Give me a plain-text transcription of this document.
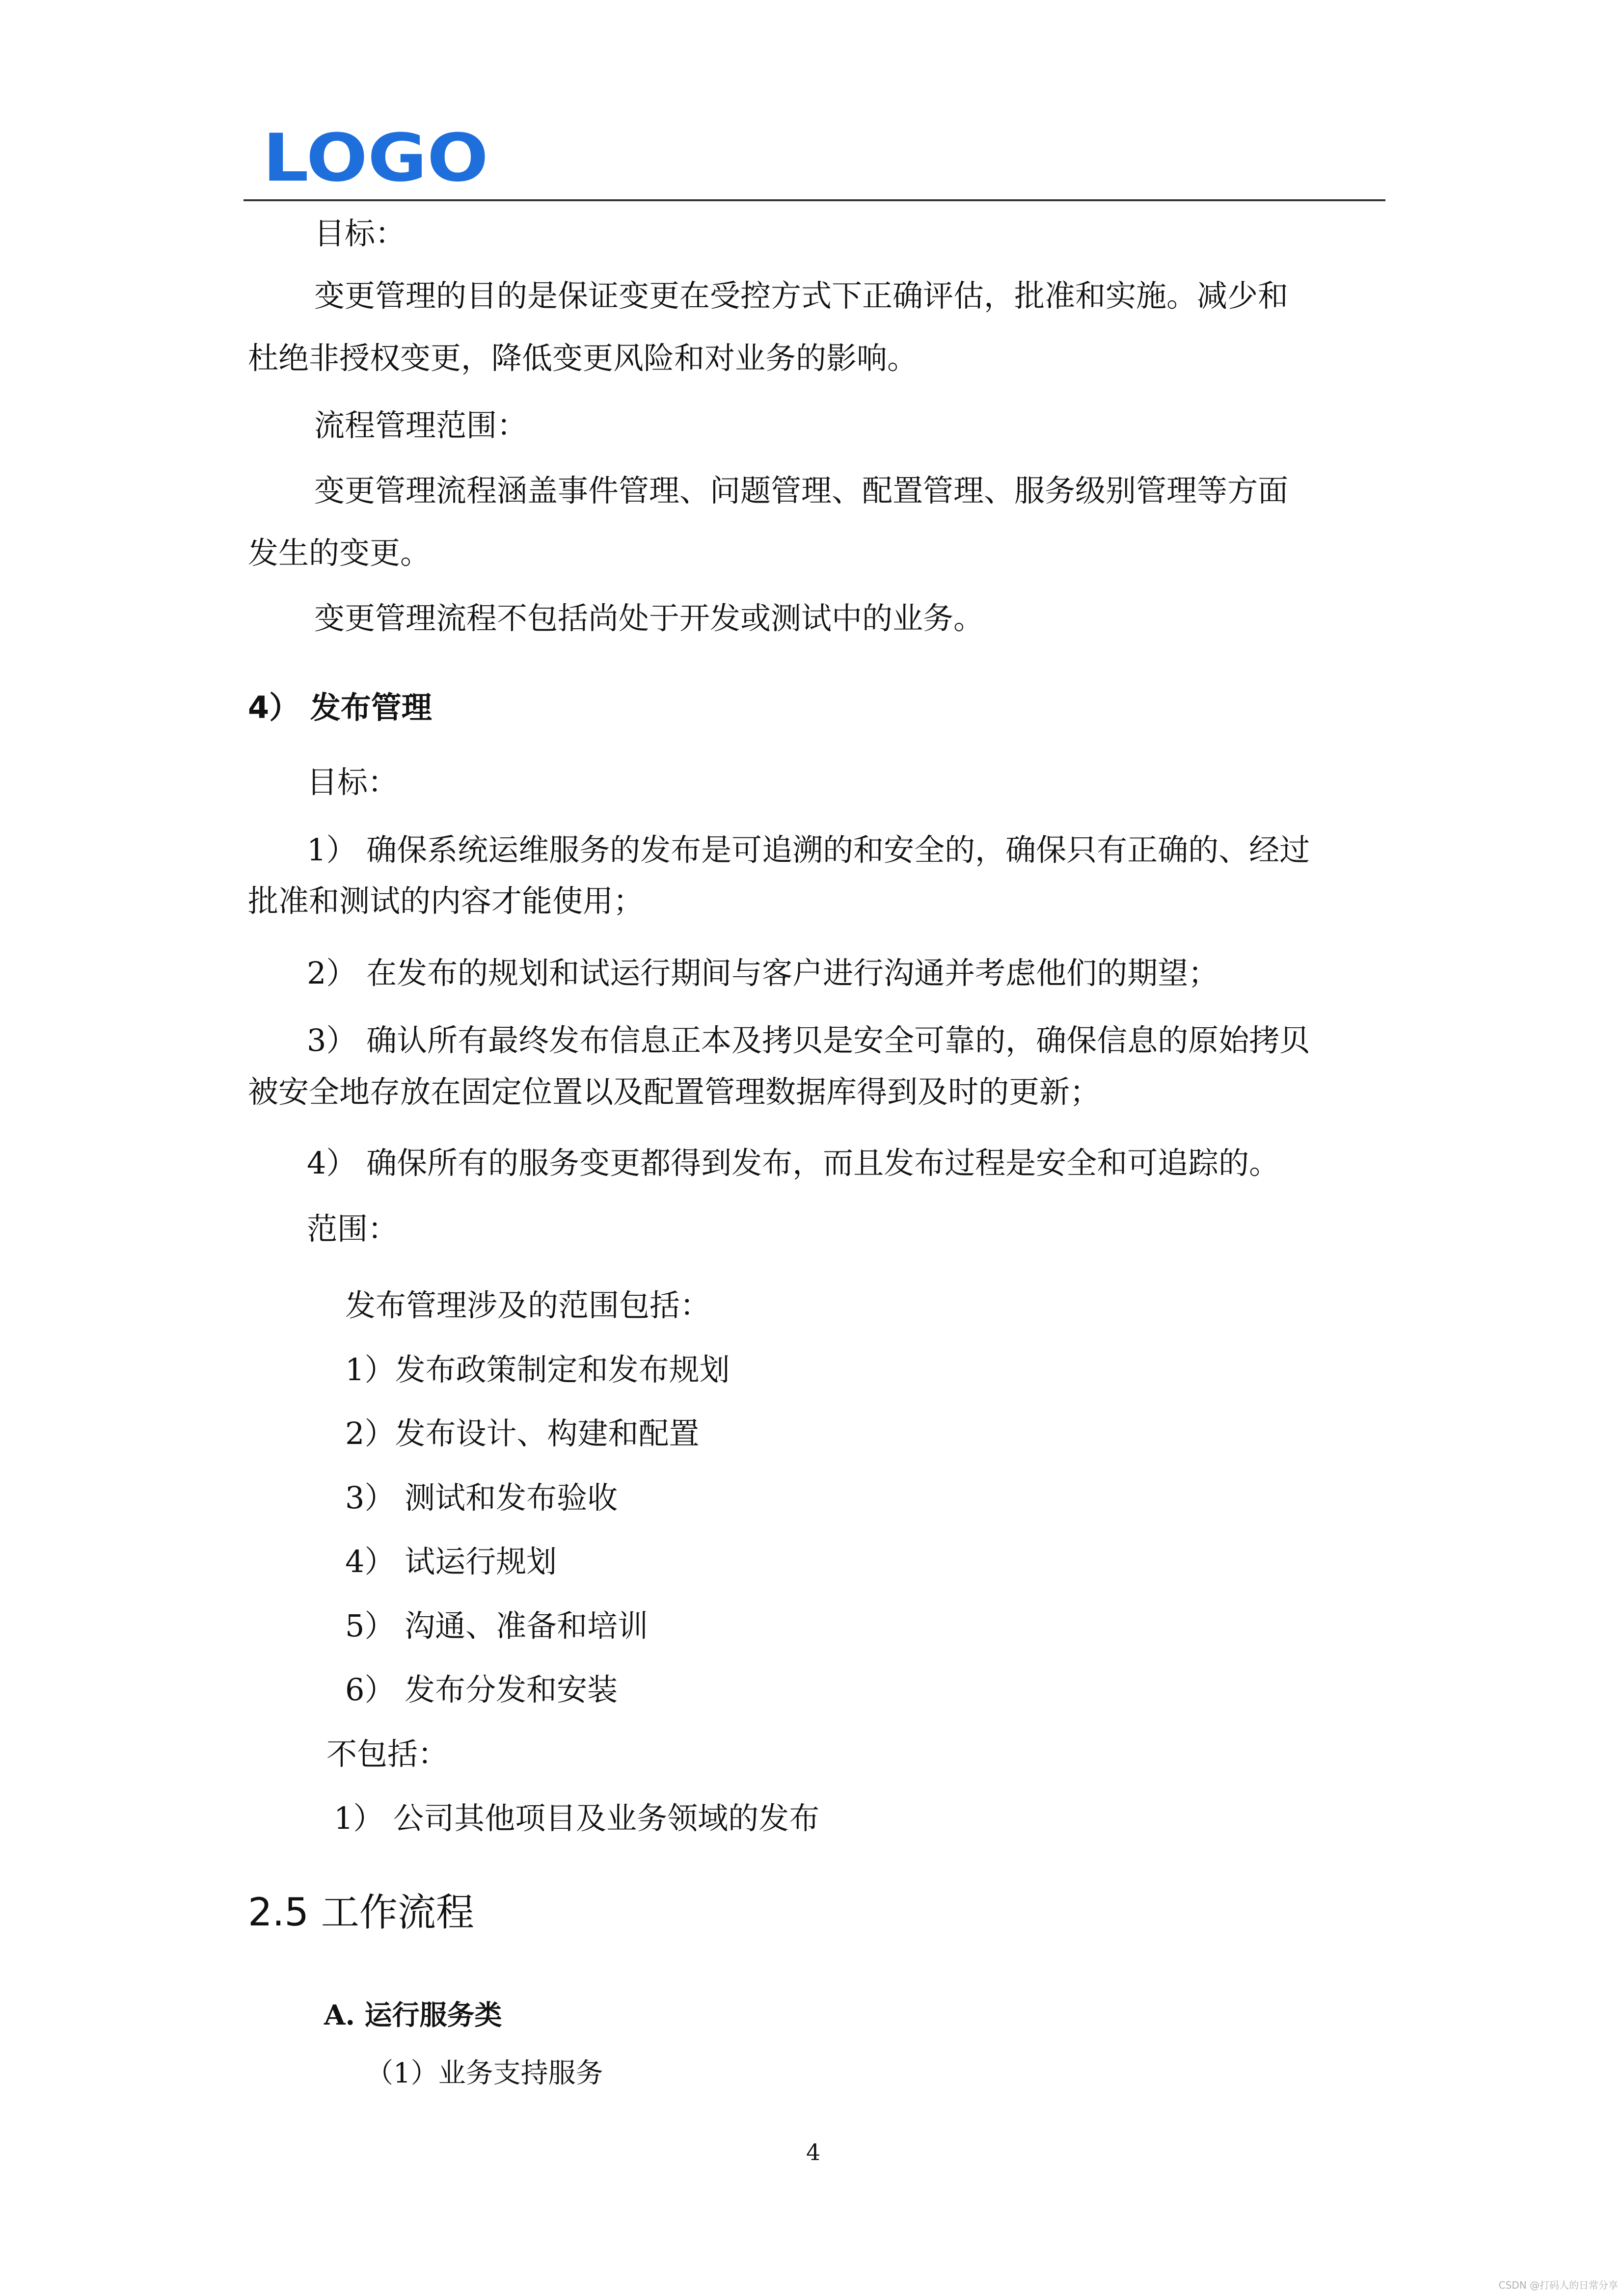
LOGO
目标：
变更管理的目的是保证变更在受控方式下正确评估，批准和实施。减少和
杜绝非授权变更，降低变更风险和对业务的影响。
流程管理范围：
变更管理流程涵盖事件管理、问题管理、配置管理、服务级别管理等方面
发生的变更。
变更管理流程不包括尚处于开发或测试中的业务。
4） 发布管理
目标：
1） 确保系统运维服务的发布是可追溯的和安全的，确保只有正确的、经过
批准和测试的内容才能使用；
2） 在发布的规划和试运行期间与客户进行沟通并考虑他们的期望；
3） 确认所有最终发布信息正本及拷贝是安全可靠的，确保信息的原始拷贝
被安全地存放在固定位置以及配置管理数据库得到及时的更新；
4） 确保所有的服务变更都得到发布，而且发布过程是安全和可追踪的。
范围：
发布管理涉及的范围包括：
1）发布政策制定和发布规划
2）发布设计、构建和配置
3） 测试和发布验收
4） 试运行规划
5） 沟通、准备和培训
6） 发布分发和安装
不包括：
1） 公司其他项目及业务领域的发布
2.5 工作流程
A. 运行服务类
（1）业务支持服务
4
CSDN @打码人的日常分享
